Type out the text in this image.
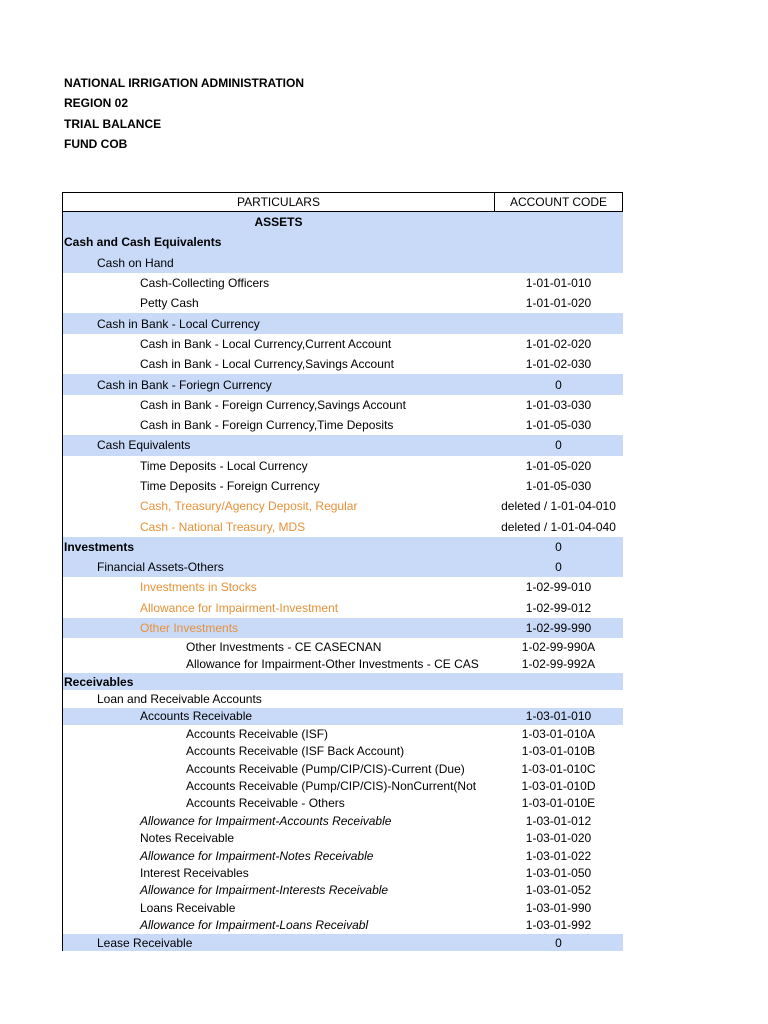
NATIONAL IRRIGATION ADMINISTRATION
REGION 02
TRIAL BALANCE
FUND COB
PARTICULARS	ACCOUNT CODE
ASSETS
Cash and Cash Equivalents
Cash on Hand
Cash-Collecting Officers	1-01-01-010
Petty Cash	1-01-01-020
Cash in Bank - Local Currency
Cash in Bank - Local Currency,Current Account	1-01-02-020
Cash in Bank - Local Currency,Savings Account	1-01-02-030
Cash in Bank - Foriegn Currency	0
Cash in Bank - Foreign Currency,Savings Account	1-01-03-030
Cash in Bank - Foreign Currency,Time Deposits	1-01-05-030
Cash Equivalents	0
Time Deposits - Local Currency	1-01-05-020
Time Deposits - Foreign Currency	1-01-05-030
Cash, Treasury/Agency Deposit, Regular	deleted / 1-01-04-010
Cash - National Treasury, MDS	deleted / 1-01-04-040
Investments	0
Financial Assets-Others	0
Investments in Stocks	1-02-99-010
Allowance for Impairment-Investment	1-02-99-012
Other Investments	1-02-99-990
Other Investments - CE CASECNAN	1-02-99-990A
Allowance for Impairment-Other Investments - CE CAS	1-02-99-992A
Receivables
Loan and Receivable Accounts
Accounts Receivable	1-03-01-010
Accounts Receivable (ISF)	1-03-01-010A
Accounts Receivable (ISF Back Account)	1-03-01-010B
Accounts Receivable (Pump/CIP/CIS)-Current (Due)	1-03-01-010C
Accounts Receivable (Pump/CIP/CIS)-NonCurrent(Not	1-03-01-010D
Accounts Receivable - Others	1-03-01-010E
Allowance for Impairment-Accounts Receivable	1-03-01-012
Notes Receivable	1-03-01-020
Allowance for Impairment-Notes Receivable	1-03-01-022
Interest Receivables	1-03-01-050
Allowance for Impairment-Interests Receivable	1-03-01-052
Loans Receivable	1-03-01-990
Allowance for Impairment-Loans Receivabl	1-03-01-992
Lease Receivable	0
